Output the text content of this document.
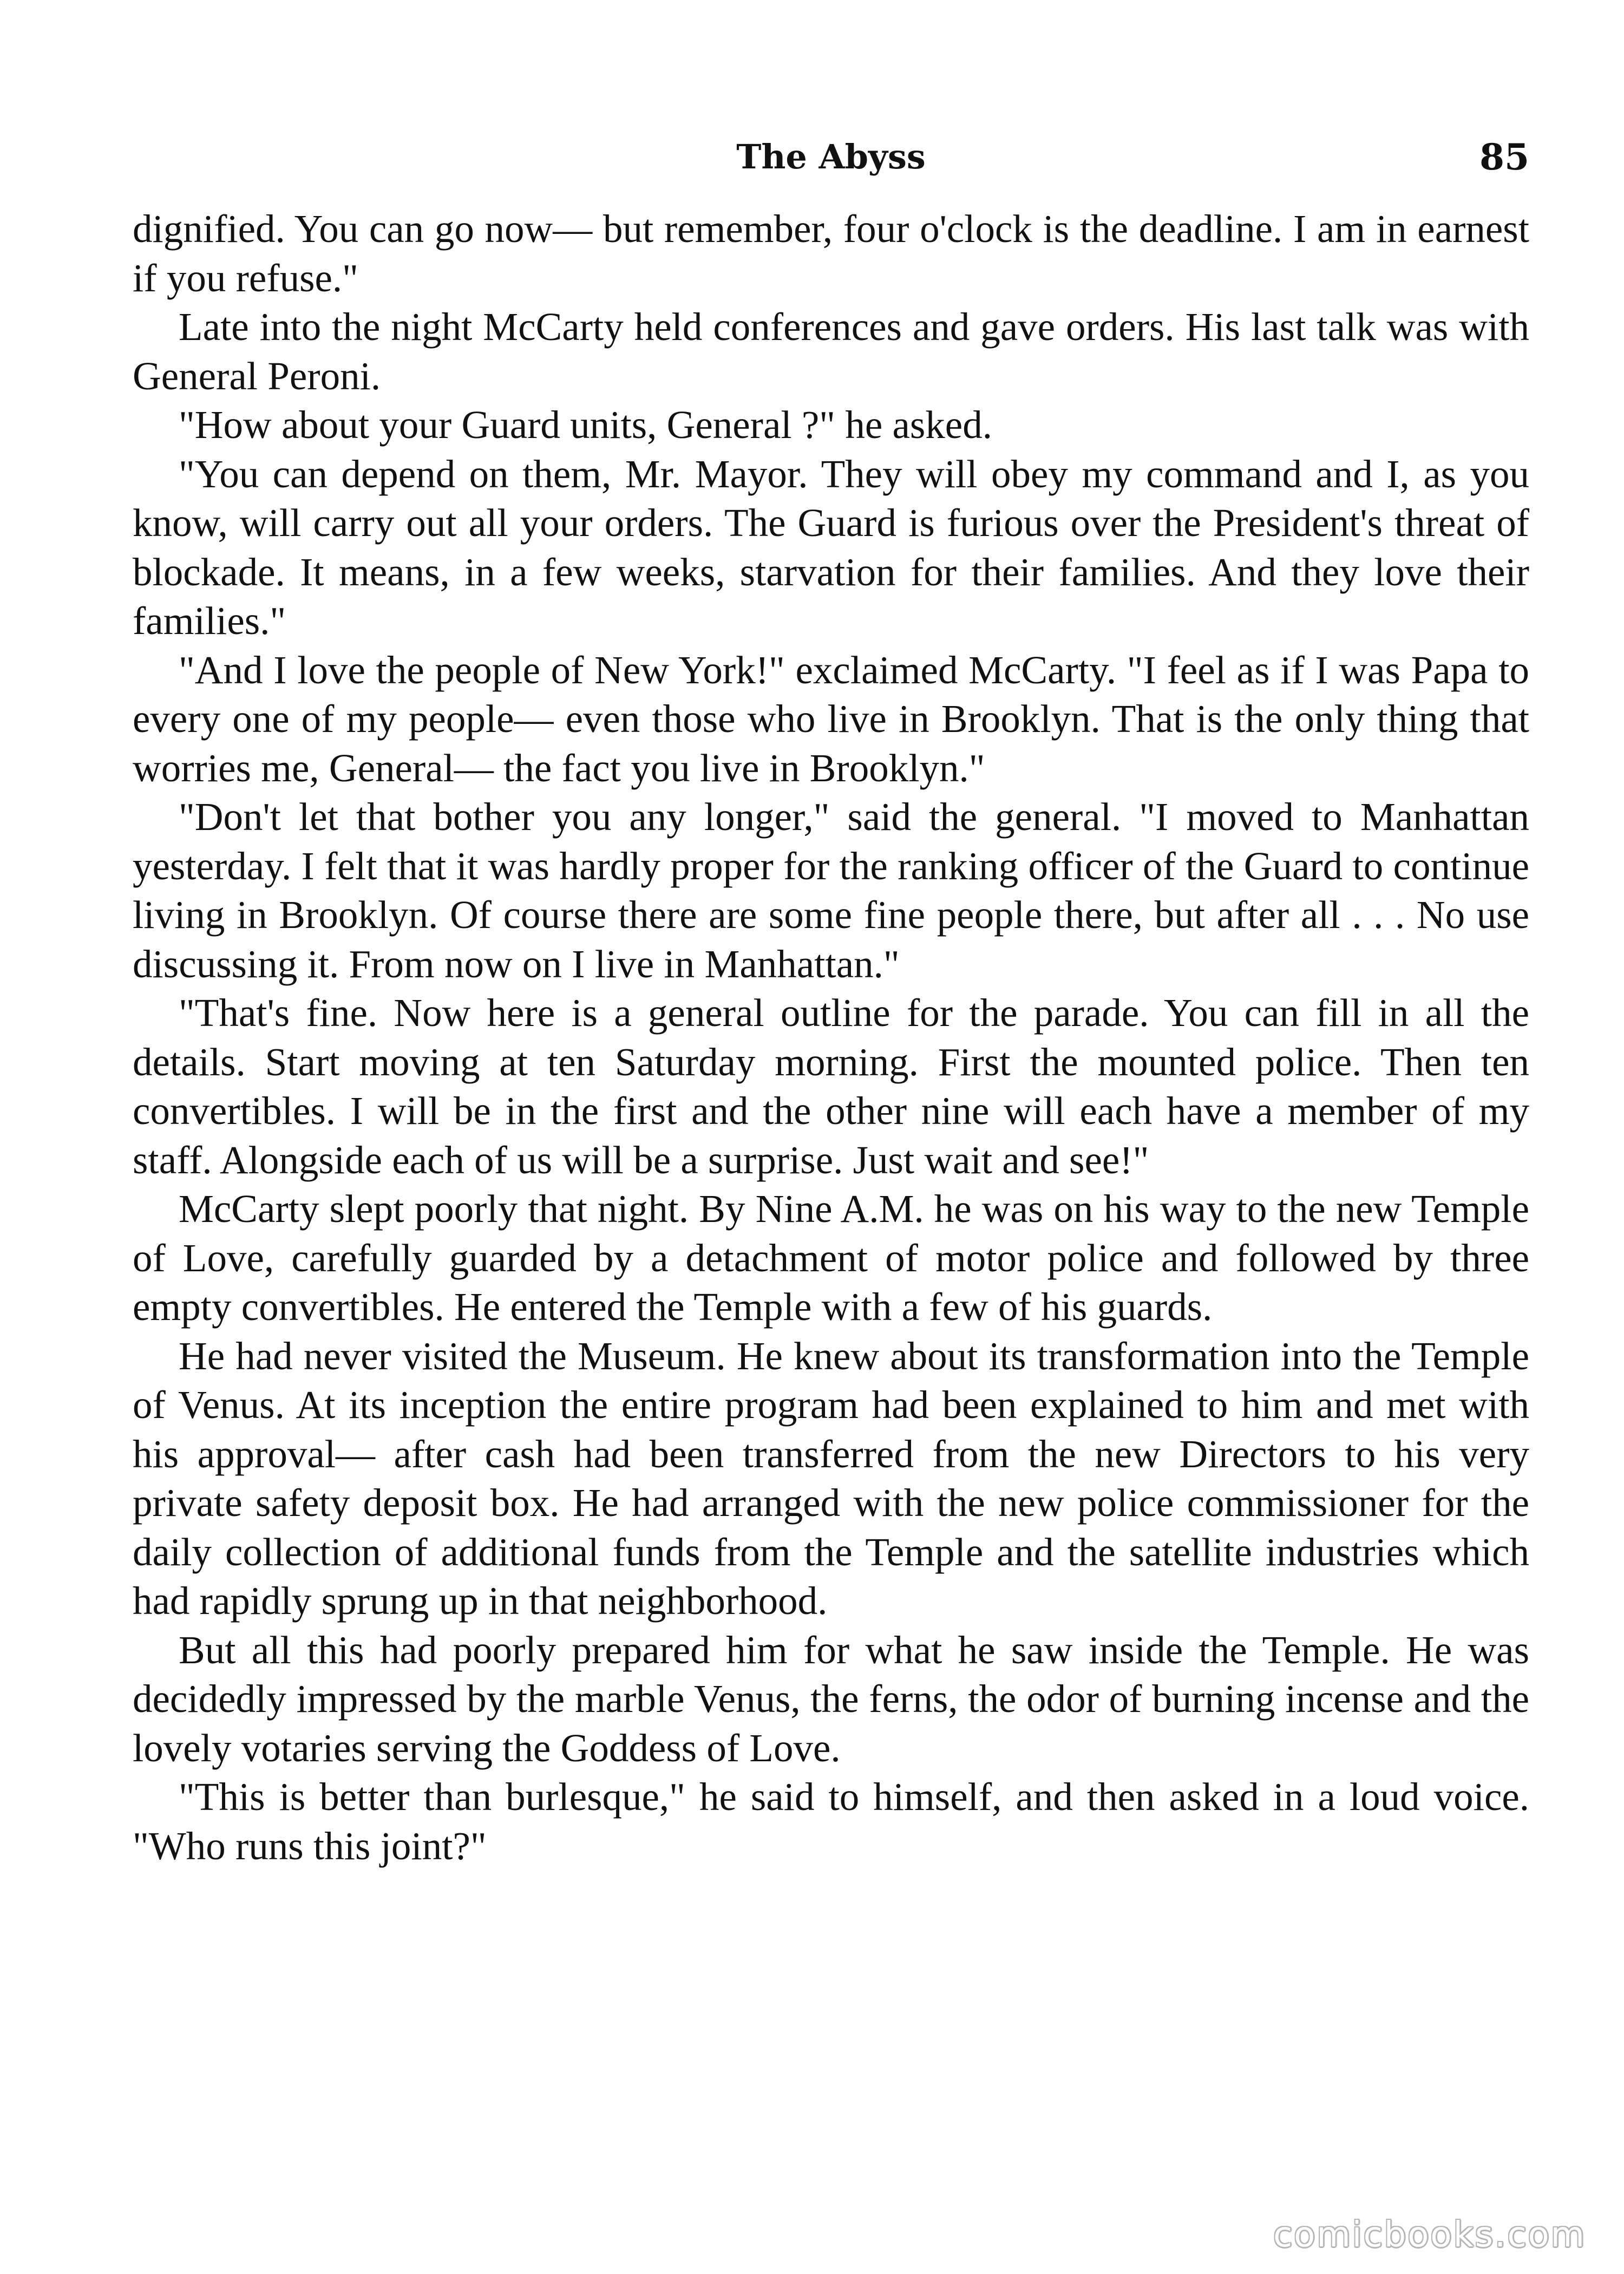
The Abyss	85

dignified. You can go now— but remember, four o'clock is the deadline. I am in earnest if you refuse."

Late into the night McCarty held conferences and gave orders. His last talk was with General Peroni.

"How about your Guard units, General ?" he asked.

"You can depend on them, Mr. Mayor. They will obey my command and I, as you know, will carry out all your orders. The Guard is furious over the President's threat of blockade. It means, in a few weeks, starvation for their families. And they love their families."

"And I love the people of New York!" exclaimed McCarty. "I feel as if I was Papa to every one of my people— even those who live in Brooklyn. That is the only thing that worries me, General— the fact you live in Brooklyn."

"Don't let that bother you any longer," said the general. "I moved to Manhattan yesterday. I felt that it was hardly proper for the ranking officer of the Guard to continue living in Brooklyn. Of course there are some fine people there, but after all . . . No use discussing it. From now on I live in Manhattan."

"That's fine. Now here is a general outline for the parade. You can fill in all the details. Start moving at ten Saturday morning. First the mounted police. Then ten convertibles. I will be in the first and the other nine will each have a member of my staff. Alongside each of us will be a surprise. Just wait and see!"

McCarty slept poorly that night. By Nine A.M. he was on his way to the new Temple of Love, carefully guarded by a detachment of motor police and followed by three empty convertibles. He entered the Temple with a few of his guards.

He had never visited the Museum. He knew about its transformation into the Temple of Venus. At its inception the entire program had been explained to him and met with his approval— after cash had been transferred from the new Directors to his very private safety deposit box. He had arranged with the new police commissioner for the daily collection of additional funds from the Temple and the satellite industries which had rapidly sprung up in that neighborhood.

But all this had poorly prepared him for what he saw inside the Temple. He was decidedly impressed by the marble Venus, the ferns, the odor of burning incense and the lovely votaries serving the Goddess of Love.

"This is better than burlesque," he said to himself, and then asked in a loud voice. "Who runs this joint?"

comicbooks.com
